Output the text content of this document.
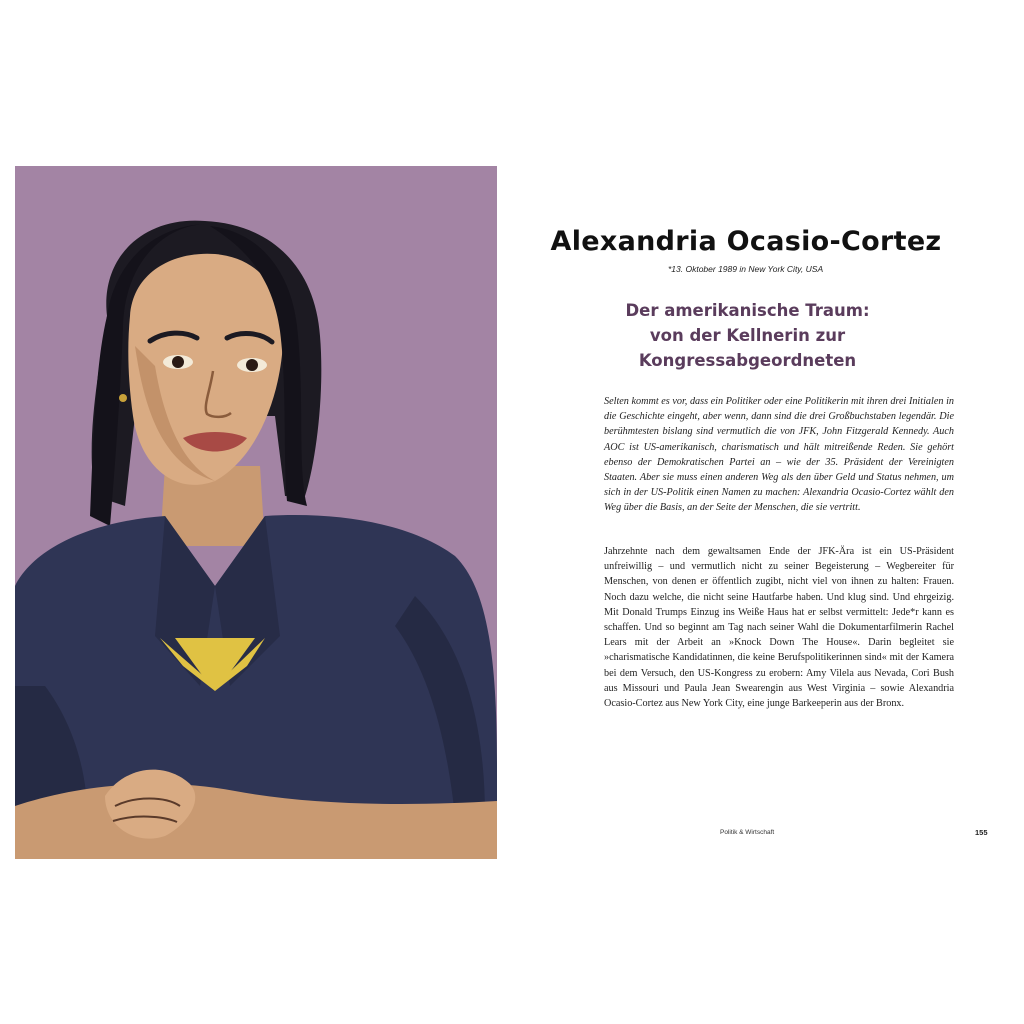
Alexandria Ocasio-Cortez

*13. Oktober 1989 in New York City, USA

Der amerikanische Traum:
von der Kellnerin zur
Kongressabgeordneten

Selten kommt es vor, dass ein Politiker oder eine Politikerin mit ihren drei Initialen in die Geschichte eingeht, aber wenn, dann sind die drei Großbuchstaben legendär. Die berühmtesten bislang sind vermutlich die von JFK, John Fitzgerald Kennedy. Auch AOC ist US-amerikanisch, charismatisch und hält mitreißende Reden. Sie gehört ebenso der Demokratischen Partei an – wie der 35. Präsident der Vereinigten Staaten. Aber sie muss einen anderen Weg als den über Geld und Status nehmen, um sich in der US-Politik einen Namen zu machen: Alexandria Ocasio-Cortez wählt den Weg über die Basis, an der Seite der Menschen, die sie vertritt.

Jahrzehnte nach dem gewaltsamen Ende der JFK-Ära ist ein US-Präsident unfreiwillig – und vermutlich nicht zu seiner Begeisterung – Wegbereiter für Menschen, von denen er öffentlich zugibt, nicht viel von ihnen zu halten: Frauen. Noch dazu welche, die nicht seine Hautfarbe haben. Und klug sind. Und ehrgeizig. Mit Donald Trumps Einzug ins Weiße Haus hat er selbst vermittelt: Jede*r kann es schaffen. Und so beginnt am Tag nach seiner Wahl die Dokumentarfilmerin Rachel Lears mit der Arbeit an »Knock Down The House«. Darin begleitet sie »charismatische Kandidatinnen, die keine Berufspolitikerinnen sind« mit der Kamera bei dem Versuch, den US-Kongress zu erobern: Amy Vilela aus Nevada, Cori Bush aus Missouri und Paula Jean Swearengin aus West Virginia – sowie Alexandria Ocasio-Cortez aus New York City, eine junge Barkeeperin aus der Bronx.

Politik & Wirtschaft	155
